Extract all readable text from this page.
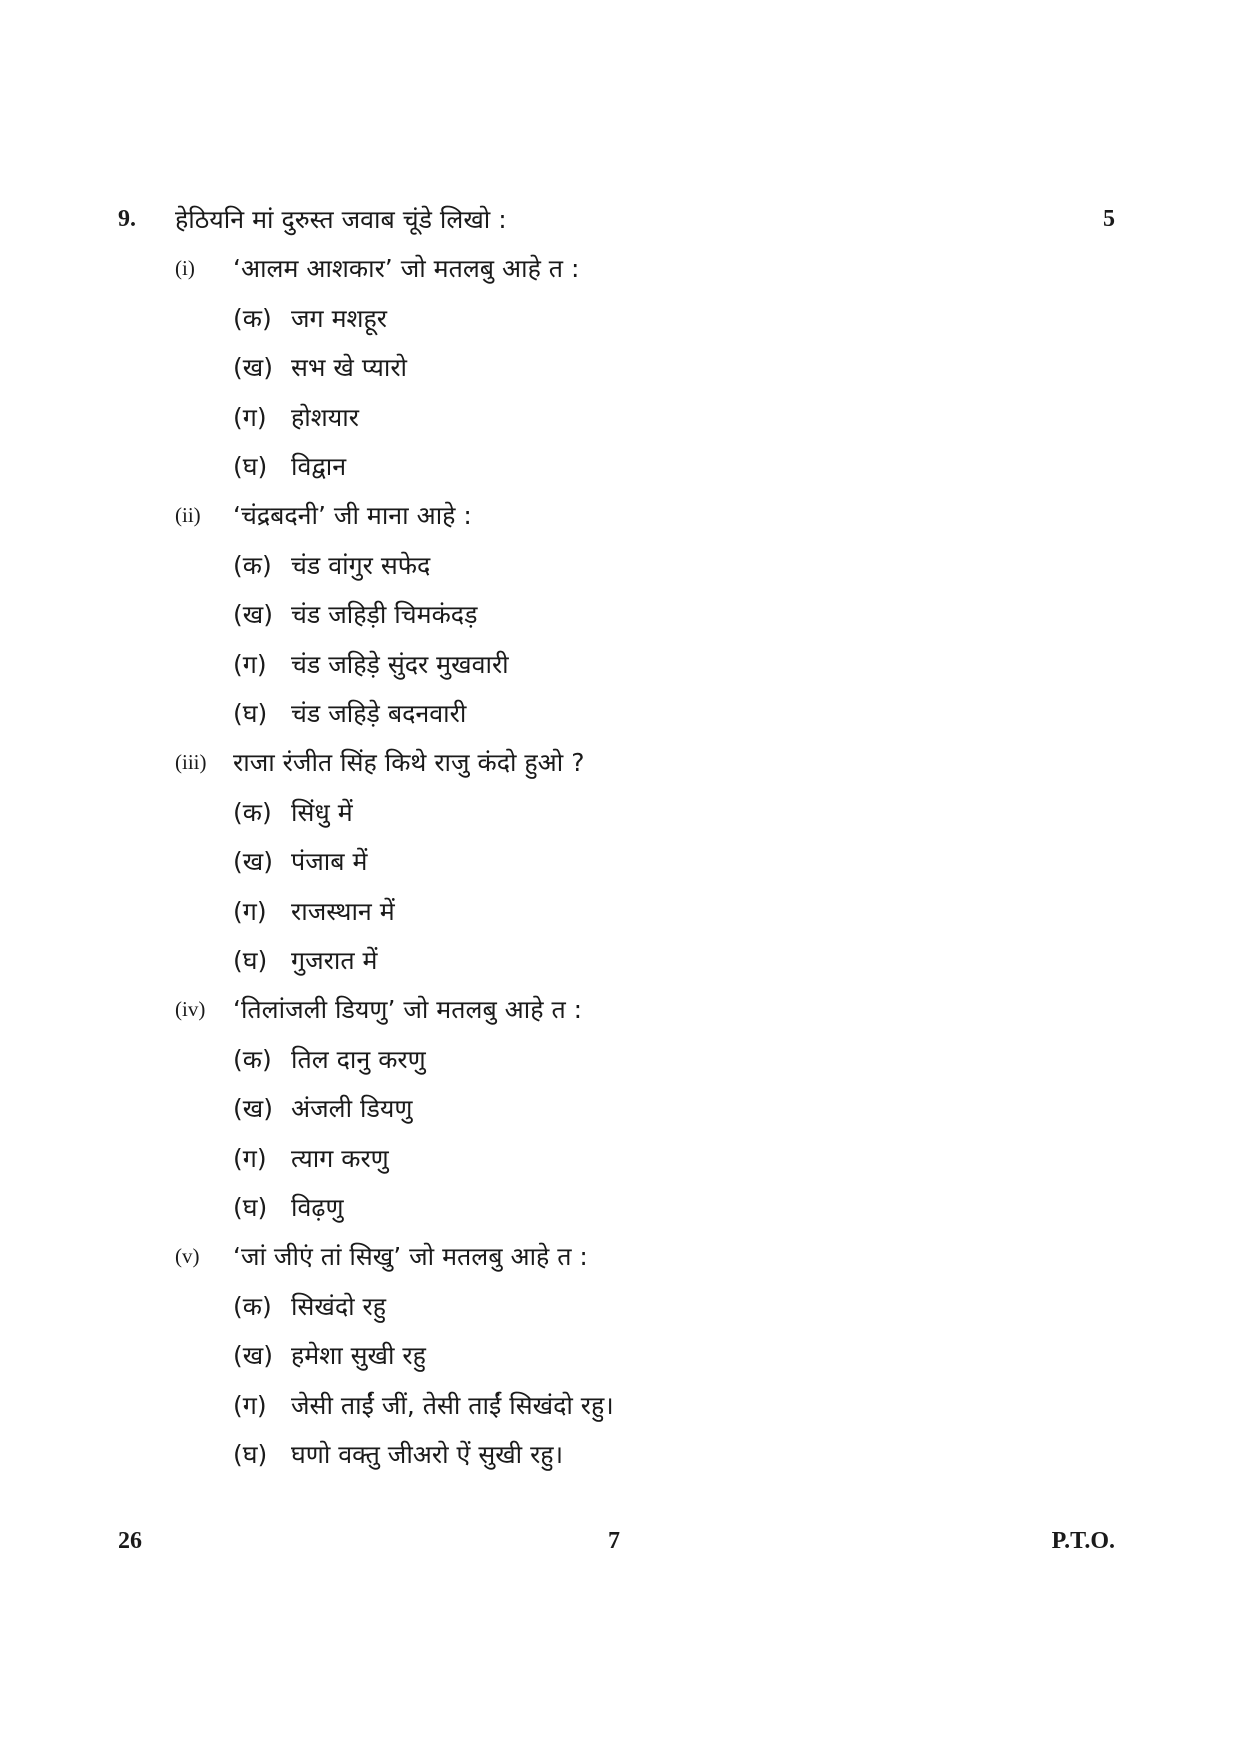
9. हेठियनि मां दुरुस्त जवाब चूंडे लिखो :	5
(i)	‘आलम आशकार’ जो मतलबु आहे त :
(क) जग मशहूर
(ख) सभ खे प्यारो
(ग) होशयार
(घ) विद्वान
(ii)	‘चंद्रबदनी’ जी माना आहे :
(क) चंड वांगुर सफेद
(ख) चंड जहिड़ी चिमकंदड़
(ग) चंड जहिड़े सुंदर मुखवारी
(घ) चंड जहिड़े बदनवारी
(iii)	राजा रंजीत सिंह किथे राजु कंदो हुओ ?
(क) सिंधु में
(ख) पंजाब में
(ग) राजस्थान में
(घ) गुजरात में
(iv)	‘तिलांजली डियणु’ जो मतलबु आहे त :
(क) तिल दानु करणु
(ख) अंजली डियणु
(ग) त्याग करणु
(घ) विढ़णु
(v)	‘जां जीएं तां सिखु’ जो मतलबु आहे त :
(क) सिखंदो रहु
(ख) हमेशा सुखी रहु
(ग) जेसी ताईं जीं, तेसी ताईं सिखंदो रहु।
(घ) घणो वक्तु जीअरो ऐं सुखी रहु।
26	7	P.T.O.
